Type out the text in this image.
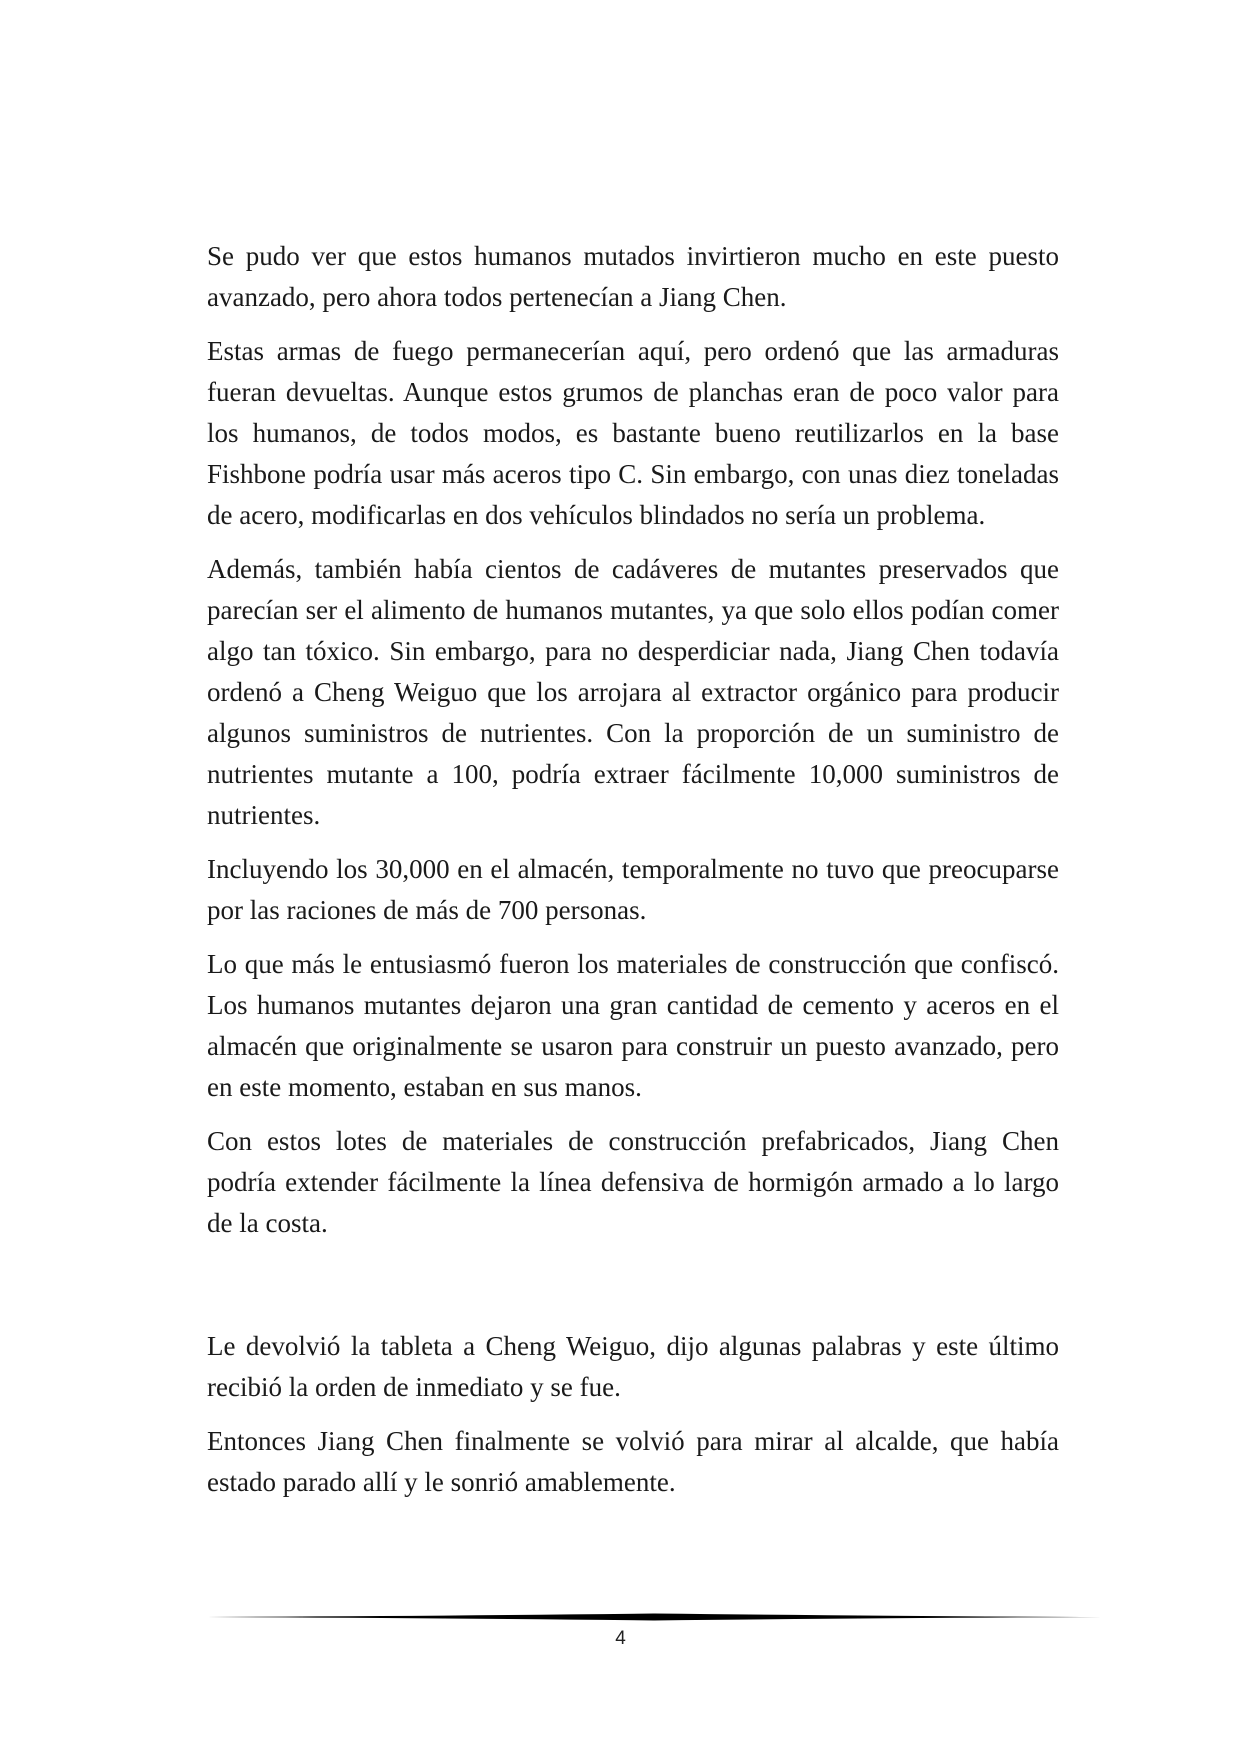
Se pudo ver que estos humanos mutados invirtieron mucho en este puesto avanzado, pero ahora todos pertenecían a Jiang Chen.

Estas armas de fuego permanecerían aquí, pero ordenó que las armaduras fueran devueltas. Aunque estos grumos de planchas eran de poco valor para los humanos, de todos modos, es bastante bueno reutilizarlos en la base Fishbone podría usar más aceros tipo C. Sin embargo, con unas diez toneladas de acero, modificarlas en dos vehículos blindados no sería un problema.

Además, también había cientos de cadáveres de mutantes preservados que parecían ser el alimento de humanos mutantes, ya que solo ellos podían comer algo tan tóxico. Sin embargo, para no desperdiciar nada, Jiang Chen todavía ordenó a Cheng Weiguo que los arrojara al extractor orgánico para producir algunos suministros de nutrientes. Con la proporción de un suministro de nutrientes mutante a 100, podría extraer fácilmente 10,000 suministros de nutrientes.

Incluyendo los 30,000 en el almacén, temporalmente no tuvo que preocuparse por las raciones de más de 700 personas.

Lo que más le entusiasmó fueron los materiales de construcción que confiscó. Los humanos mutantes dejaron una gran cantidad de cemento y aceros en el almacén que originalmente se usaron para construir un puesto avanzado, pero en este momento, estaban en sus manos.

Con estos lotes de materiales de construcción prefabricados, Jiang Chen podría extender fácilmente la línea defensiva de hormigón armado a lo largo de la costa.

Le devolvió la tableta a Cheng Weiguo, dijo algunas palabras y este último recibió la orden de inmediato y se fue.

Entonces Jiang Chen finalmente se volvió para mirar al alcalde, que había estado parado allí y le sonrió amablemente.

4
